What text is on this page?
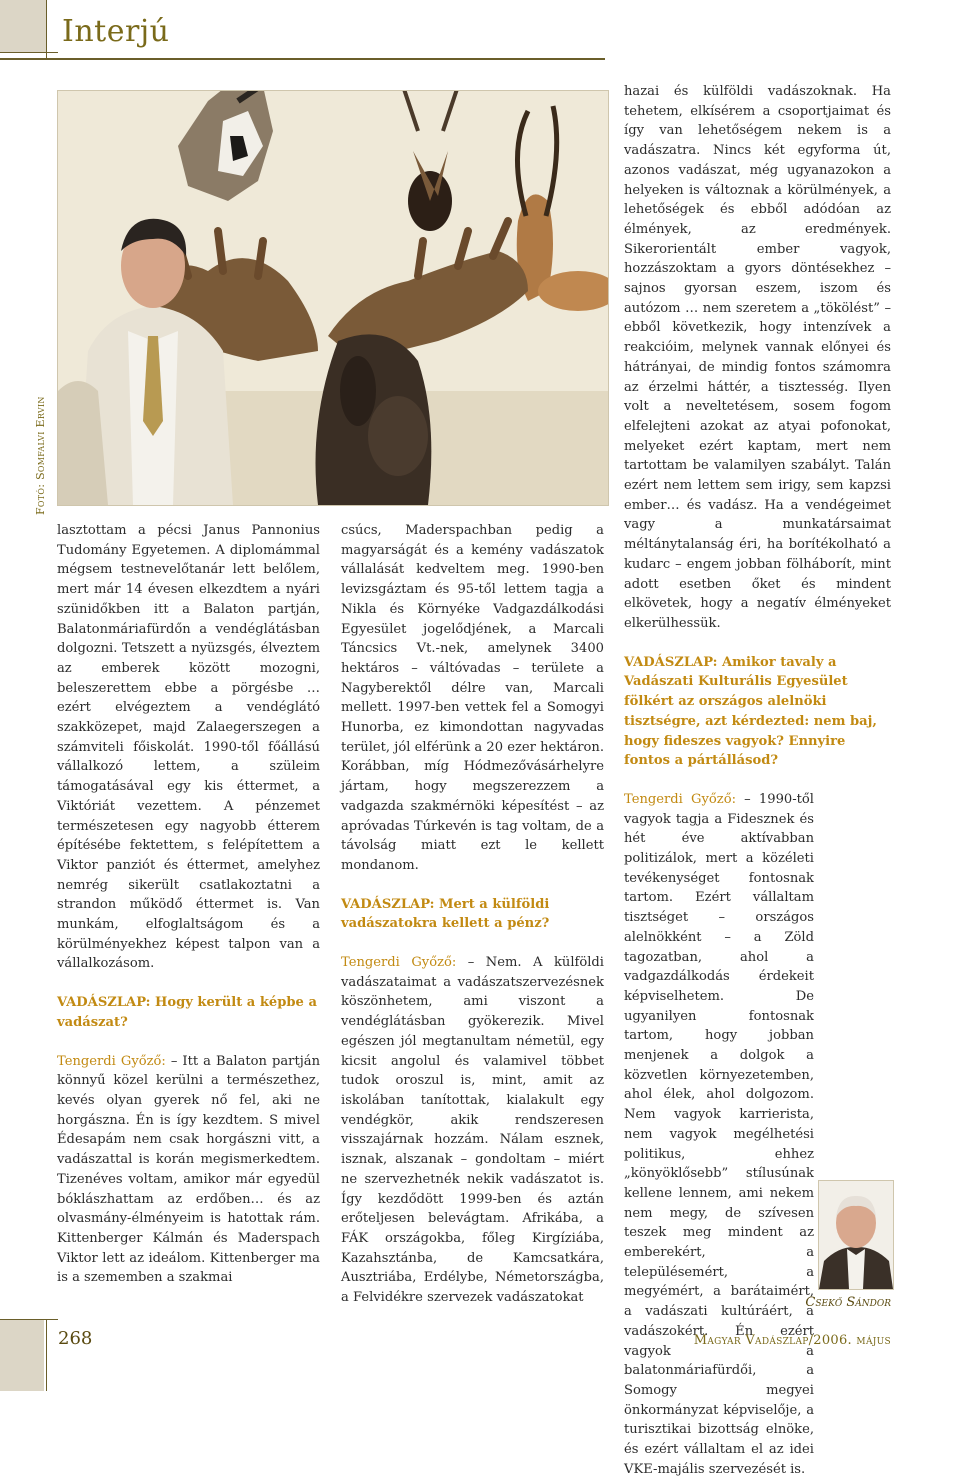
Interjú
Fotó: Somfalvi Ervin

lasztottam a pécsi Janus Pannonius Tudomány Egyetemen. A diplomámmal mégsem testnevelőtanár lett belőlem, mert már 14 évesen elkezdtem a nyári szünidőkben itt a Balaton partján, Balatonmáriafürdőn a vendéglátásban dolgozni. Tetszett a nyüzsgés, élveztem az emberek között mozogni, beleszerettem ebbe a pörgésbe … ezért elvégeztem a vendéglátó szakközepet, majd Zalaegerszegen a számviteli főiskolát. 1990-től főállású vállalkozó lettem, a szüleim támogatásával egy kis éttermet, a Viktóriát vezettem. A pénzemet természetesen egy nagyobb étterem építésébe fektettem, s felépítettem a Viktor panziót és éttermet, amelyhez nemrég sikerült csatlakoztatni a strandon működő éttermet is. Van munkám, elfoglaltságom és a körülményekhez képest talpon van a vállalkozásom.

VADÁSZLAP: Hogy került a képbe a vadászat?

Tengerdi Győző: – Itt a Balaton partján könnyű közel kerülni a természethez, kevés olyan gyerek nő fel, aki ne horgászna. Én is így kezdtem. S mivel Édesapám nem csak horgászni vitt, a vadászattal is korán megismerkedtem. Tizenéves voltam, amikor már egyedül bóklászhattam az erdőben… és az olvasmány-élményeim is hatottak rám. Kittenberger Kálmán és Maderspach Viktor lett az ideálom. Kittenberger ma is a szememben a szakmai

csúcs, Maderspachban pedig a magyarságát és a kemény vadászatok vállalását kedveltem meg. 1990-ben levizsgáztam és 95-től lettem tagja a Nikla és Környéke Vadgazdálkodási Egyesület jogelődjének, a Marcali Táncsics Vt.-nek, amelynek 3400 hektáros – váltóvadas – területe a Nagyberektől délre van, Marcali mellett. 1997-ben vettek fel a Somogyi Hunorba, ez kimondottan nagyvadas terület, jól elférünk a 20 ezer hektáron. Korábban, míg Hódmezővásárhelyre jártam, hogy megszerezzem a vadgazda szakmérnöki képesítést – az apróvadas Túrkevén is tag voltam, de a távolság miatt ezt le kellett mondanom.

VADÁSZLAP: Mert a külföldi vadászatokra kellett a pénz?

Tengerdi Győző: – Nem. A külföldi vadászataimat a vadászatszervezésnek köszönhetem, ami viszont a vendéglátásban gyökerezik. Mivel egészen jól megtanultam németül, egy kicsit angolul és valamivel többet tudok oroszul is, mint, amit az iskolában tanítottak, kialakult egy vendégkör, akik rendszeresen visszajárnak hozzám. Nálam esznek, isznak, alszanak – gondoltam – miért ne szervezhetnék nekik vadászatot is. Így kezdődött 1999-ben és aztán erőteljesen belevágtam. Afrikába, a FÁK országokba, főleg Kirgíziába, Kazahsztánba, de Kamcsatkára, Ausztriába, Erdélybe, Németországba, a Felvidékre szervezek vadászatokat

hazai és külföldi vadászoknak. Ha tehetem, elkísérem a csoportjaimat és így van lehetőségem nekem is a vadászatra. Nincs két egyforma út, azonos vadászat, még ugyanazokon a helyeken is változnak a körülmények, a lehetőségek és ebből adódóan az élmények, az eredmények. Sikerorientált ember vagyok, hozzászoktam a gyors döntésekhez – sajnos gyorsan eszem, iszom és autózom … nem szeretem a „tökölést” – ebből következik, hogy intenzívek a reakcióim, melynek vannak előnyei és hátrányai, de mindig fontos számomra az érzelmi háttér, a tisztesség. Ilyen volt a neveltetésem, sosem fogom elfelejteni azokat az atyai pofonokat, melyeket ezért kaptam, mert nem tartottam be valamilyen szabályt. Talán ezért nem lettem sem irigy, sem kapzsi ember… és vadász. Ha a vendégeimet vagy a munkatársaimat méltánytalanság éri, ha borítékolható a kudarc – engem jobban fölháborít, mint adott esetben őket és mindent elkövetek, hogy a negatív élményeket elkerülhessük.

VADÁSZLAP: Amikor tavaly a Vadászati Kulturális Egyesület fölkért az országos alelnöki tisztségre, azt kérdezted: nem baj, hogy fideszes vagyok? Ennyire fontos a pártállásod?

Tengerdi Győző: – 1990-től vagyok tagja a Fidesznek és hét éve aktívabban politizálok, mert a közéleti tevékenységet fontosnak tartom. Ezért vállaltam tisztséget – országos alelnökként – a Zöld tagozatban, ahol a vadgazdálkodás érdekeit képviselhetem. De ugyanilyen fontosnak tartom, hogy jobban menjenek a dolgok a közvetlen környezetemben, ahol élek, ahol dolgozom. Nem vagyok karrierista, nem vagyok megélhetési politikus, ehhez „könyöklősebb” stílusúnak kellene lennem, ami nekem nem megy, de szívesen teszek meg mindent az emberekért, a településemért, a megyémért, a barátaimért, a vadászati kultúráért, a vadászokért. Én ezért vagyok a balatonmáriafürdői, a Somogy megyei önkormányzat képviselője, a turisztikai bizottság elnöke, és ezért vállaltam el az idei VKE-majális szervezését is.

Csekő Sándor
268	Magyar Vadászlap/2006. május
